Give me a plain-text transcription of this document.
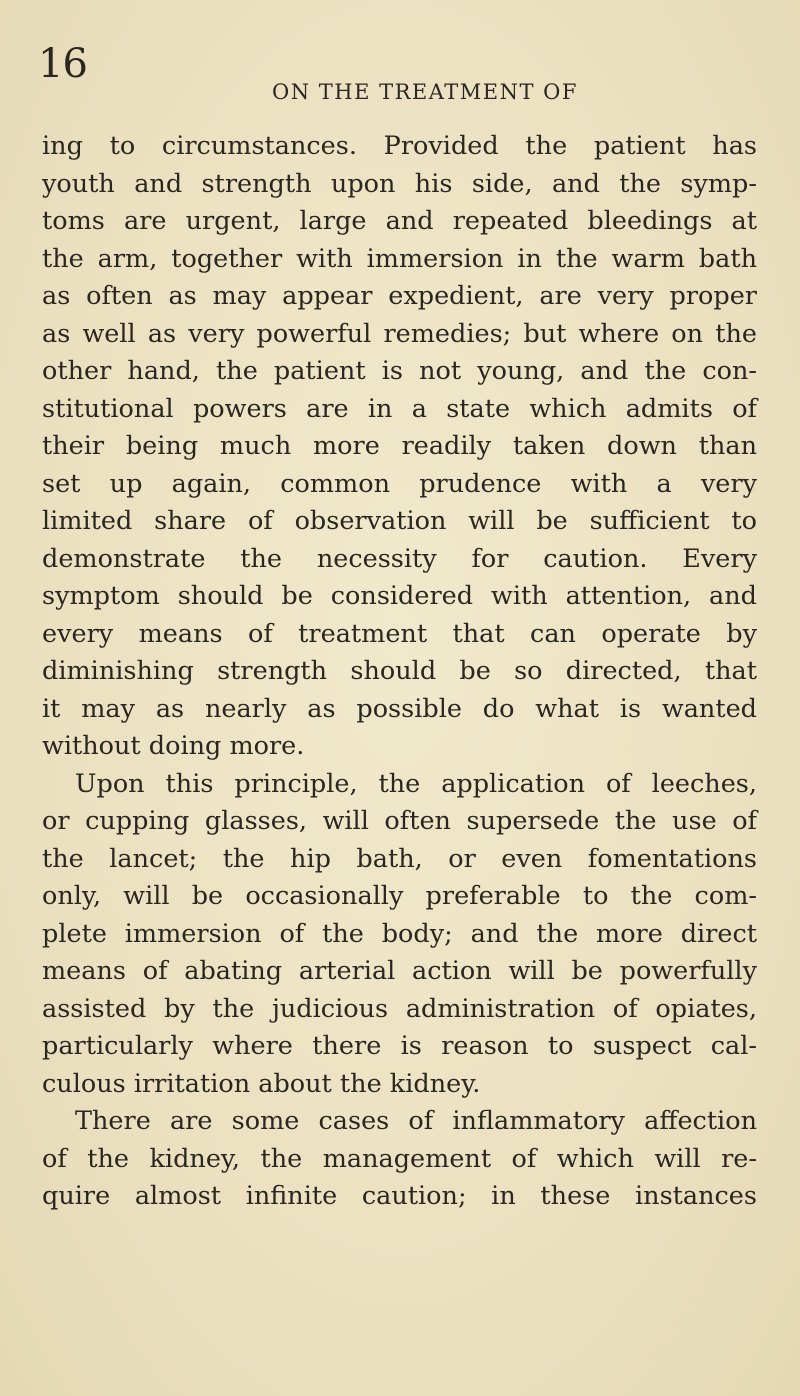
16
ON THE TREATMENT OF
ing to circumstances. Provided the patient has
youth and strength upon his side, and the symp-
toms are urgent, large and repeated bleedings at
the arm, together with immersion in the warm bath
as often as may appear expedient, are very proper
as well as very powerful remedies; but where on the
other hand, the patient is not young, and the con-
stitutional powers are in a state which admits of
their being much more readily taken down than
set up again, common prudence with a very
limited share of observation will be sufficient to
demonstrate the necessity for caution. Every
symptom should be considered with attention, and
every means of treatment that can operate by
diminishing strength should be so directed, that
it may as nearly as possible do what is wanted
without doing more.
Upon this principle, the application of leeches,
or cupping glasses, will often supersede the use of
the lancet; the hip bath, or even fomentations
only, will be occasionally preferable to the com-
plete immersion of the body; and the more direct
means of abating arterial action will be powerfully
assisted by the judicious administration of opiates,
particularly where there is reason to suspect cal-
culous irritation about the kidney.
There are some cases of inflammatory affection
of the kidney, the management of which will re-
quire almost infinite caution; in these instances
